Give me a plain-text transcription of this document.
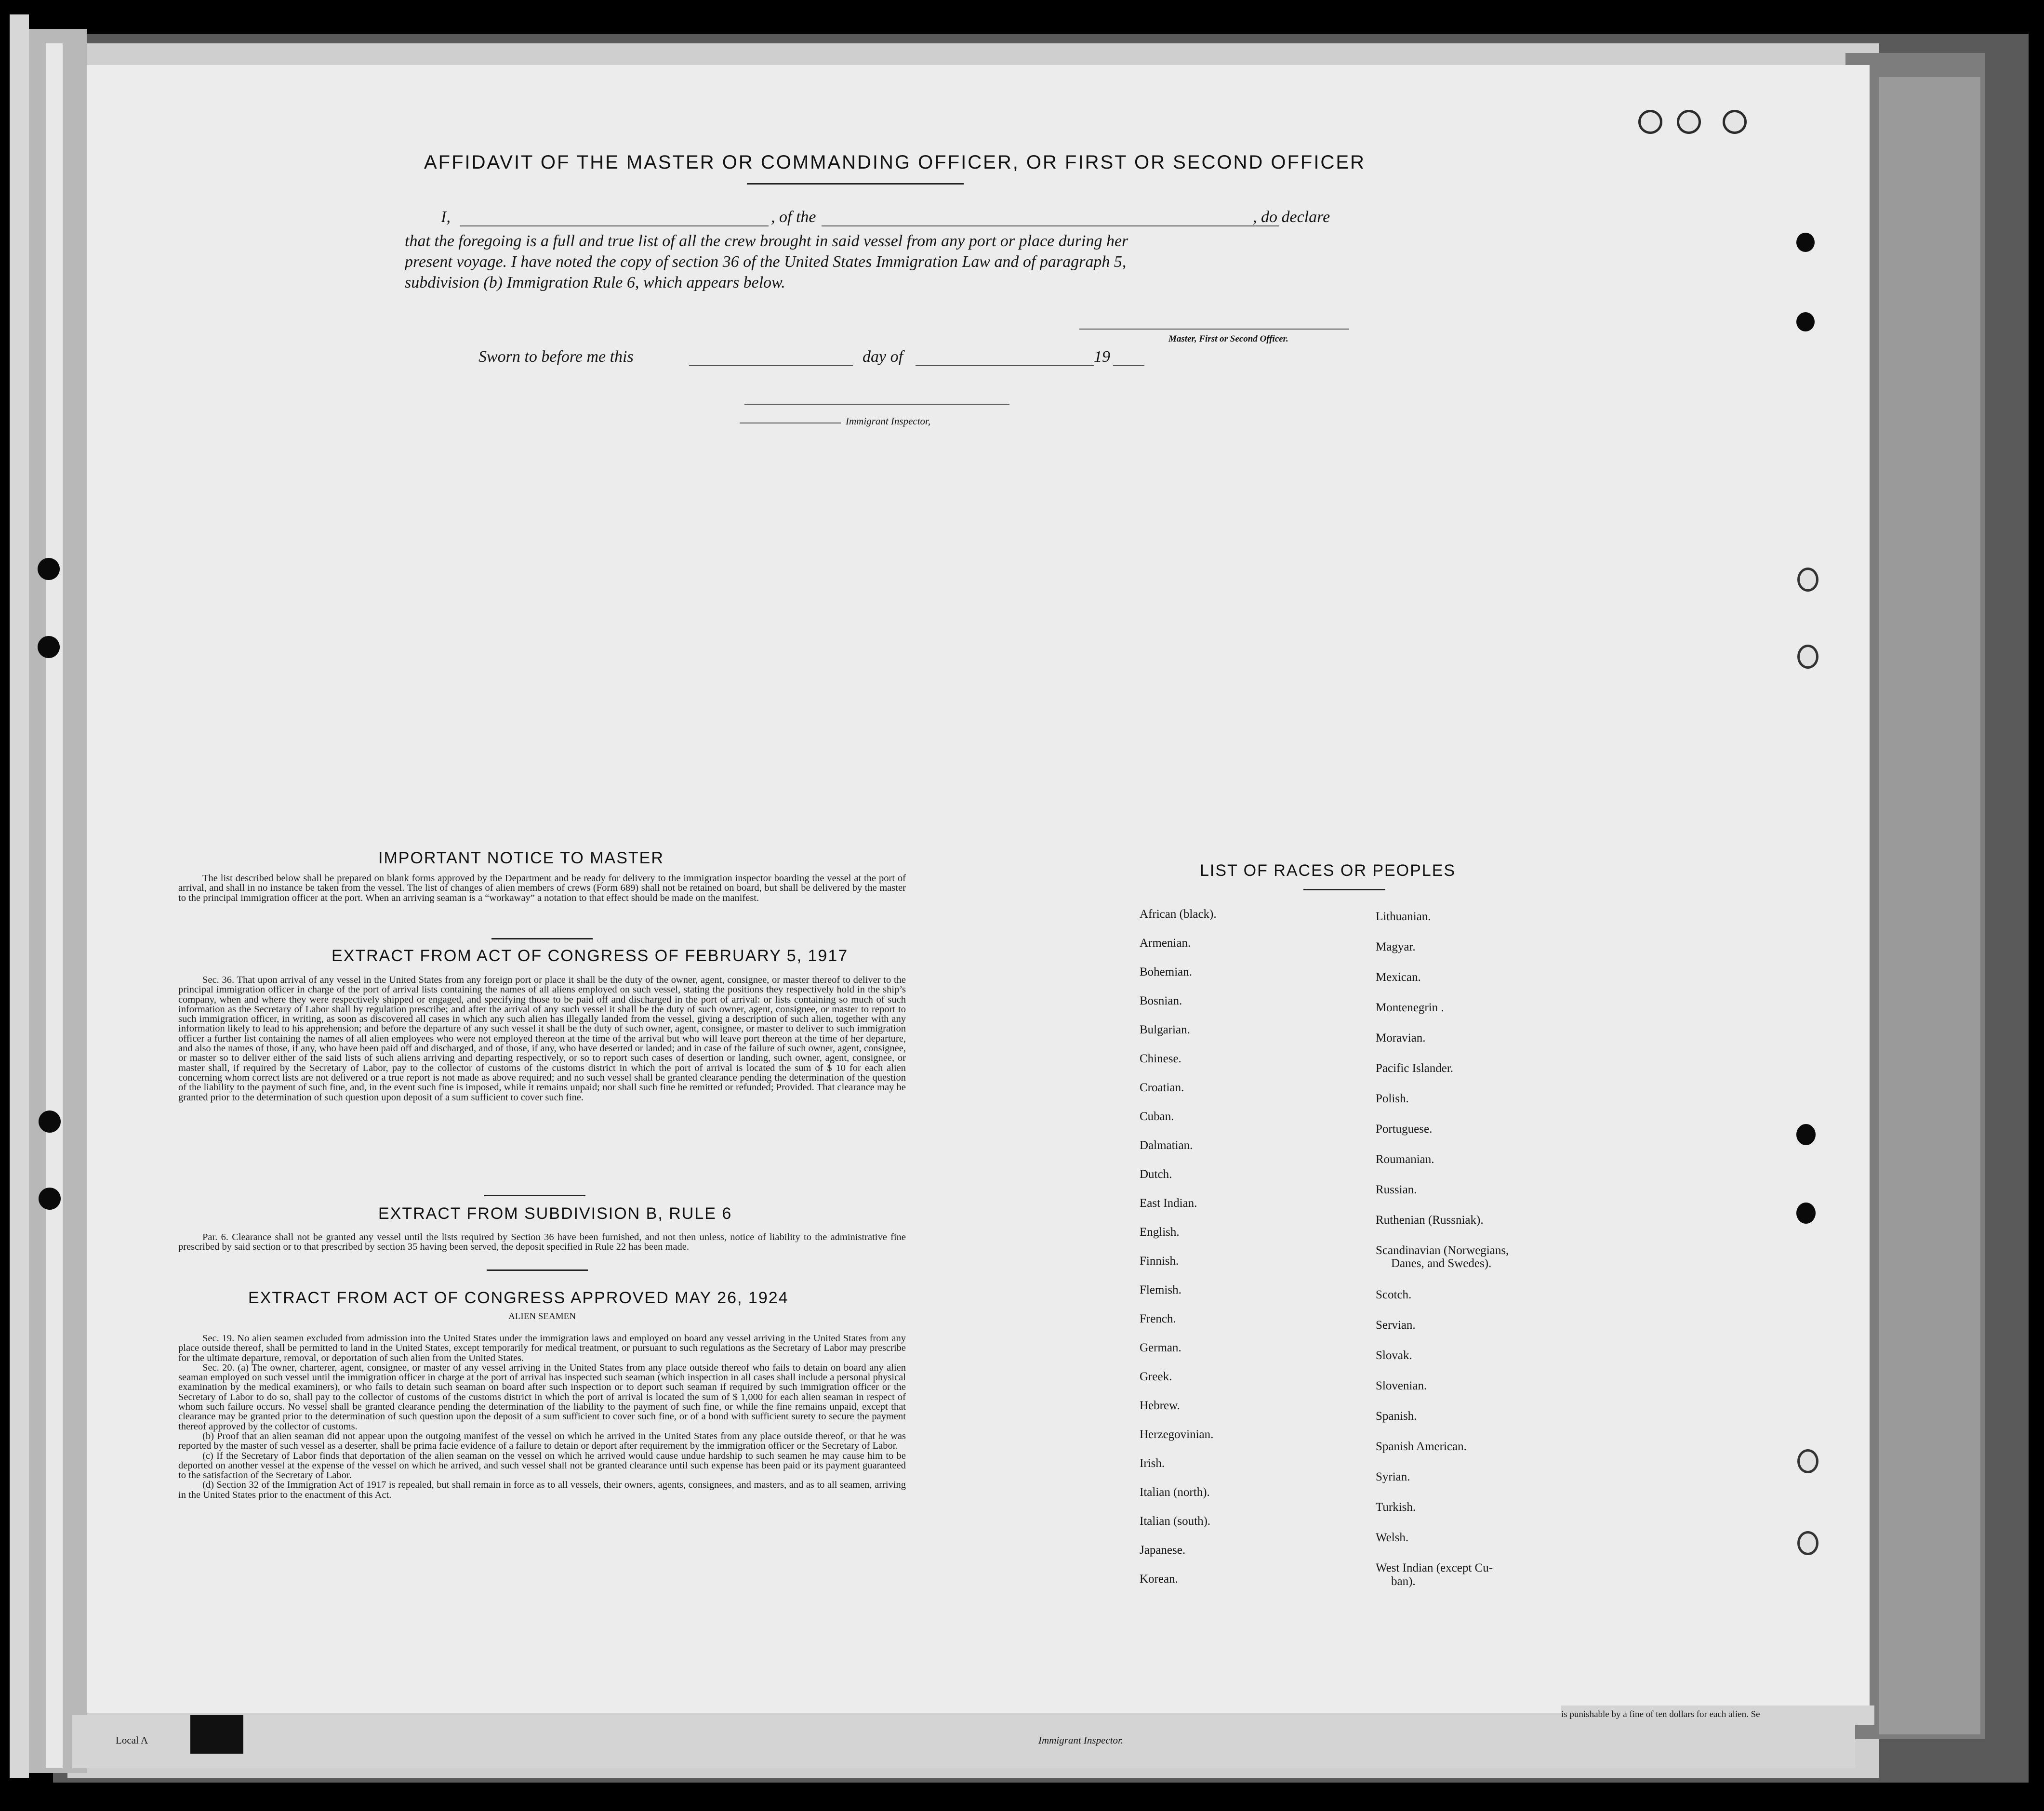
AFFIDAVIT OF THE MASTER OR COMMANDING OFFICER, OR FIRST OR SECOND OFFICER
I,	, of the	, do declare
that the foregoing is a full and true list of all the crew brought in said vessel from any port or place during her
present voyage. I have noted the copy of section 36 of the United States Immigration Law and of paragraph 5,
subdivision (b) Immigration Rule 6, which appears below.
Master, First or Second Officer.
Sworn to before me this	day of	19
Immigrant Inspector,
IMPORTANT NOTICE TO MASTER

The list described below shall be prepared on blank forms approved by the Department and be ready for delivery to the immigration inspector boarding the vessel at the port of arrival, and shall in no instance be taken from the vessel. The list of changes of alien members of crews (Form 689) shall not be retained on board, but shall be delivered by the master to the principal immigration officer at the port. When an arriving seaman is a “workaway” a notation to that effect should be made on the manifest.

EXTRACT FROM ACT OF CONGRESS OF FEBRUARY 5, 1917

Sec. 36. That upon arrival of any vessel in the United States from any foreign port or place it shall be the duty of the owner, agent, consignee, or master thereof to deliver to the principal immigration officer in charge of the port of arrival lists containing the names of all aliens employed on such vessel, stating the positions they respectively hold in the ship’s company, when and where they were respectively shipped or engaged, and specifying those to be paid off and discharged in the port of arrival: or lists containing so much of such information as the Secretary of Labor shall by regulation prescribe; and after the arrival of any such vessel it shall be the duty of such owner, agent, consignee, or master to report to such immigration officer, in writing, as soon as discovered all cases in which any such alien has illegally landed from the vessel, giving a description of such alien, together with any information likely to lead to his apprehension; and before the departure of any such vessel it shall be the duty of such owner, agent, consignee, or master to deliver to such immigration officer a further list containing the names of all alien employees who were not employed thereon at the time of the arrival but who will leave port thereon at the time of her departure, and also the names of those, if any, who have been paid off and discharged, and of those, if any, who have deserted or landed; and in case of the failure of such owner, agent, consignee, or master so to deliver either of the said lists of such aliens arriving and departing respectively, or so to report such cases of desertion or landing, such owner, agent, consignee, or master shall, if required by the Secretary of Labor, pay to the collector of customs of the customs district in which the port of arrival is located the sum of $ 10 for each alien concerning whom correct lists are not delivered or a true report is not made as above required; and no such vessel shall be granted clearance pending the determination of the question of the liability to the payment of such fine, and, in the event such fine is imposed, while it remains unpaid; nor shall such fine be remitted or refunded; Provided. That clearance may be granted prior to the determination of such question upon deposit of a sum sufficient to cover such fine.

EXTRACT FROM SUBDIVISION B, RULE 6

Par. 6. Clearance shall not be granted any vessel until the lists required by Section 36 have been furnished, and not then unless, notice of liability to the administrative fine prescribed by said section or to that prescribed by section 35 having been served, the deposit specified in Rule 22 has been made.

EXTRACT FROM ACT OF CONGRESS APPROVED MAY 26, 1924
ALIEN SEAMEN

Sec. 19. No alien seamen excluded from admission into the United States under the immigration laws and employed on board any vessel arriving in the United States from any place outside thereof, shall be permitted to land in the United States, except temporarily for medical treatment, or pursuant to such regulations as the Secretary of Labor may prescribe for the ultimate departure, removal, or deportation of such alien from the United States.

Sec. 20. (a) The owner, charterer, agent, consignee, or master of any vessel arriving in the United States from any place outside thereof who fails to detain on board any alien seaman employed on such vessel until the immigration officer in charge at the port of arrival has inspected such seaman (which inspection in all cases shall include a personal physical examination by the medical examiners), or who fails to detain such seaman on board after such inspection or to deport such seaman if required by such immigration officer or the Secretary of Labor to do so, shall pay to the collector of customs of the customs district in which the port of arrival is located the sum of $ 1,000 for each alien seaman in respect of whom such failure occurs. No vessel shall be granted clearance pending the determination of the liability to the payment of such fine, or while the fine remains unpaid, except that clearance may be granted prior to the determination of such question upon the deposit of a sum sufficient to cover such fine, or of a bond with sufficient surety to secure the payment thereof approved by the collector of customs.

(b) Proof that an alien seaman did not appear upon the outgoing manifest of the vessel on which he arrived in the United States from any place outside thereof, or that he was reported by the master of such vessel as a deserter, shall be prima facie evidence of a failure to detain or deport after requirement by the immigration officer or the Secretary of Labor.

(c) If the Secretary of Labor finds that deportation of the alien seaman on the vessel on which he arrived would cause undue hardship to such seamen he may cause him to be deported on another vessel at the expense of the vessel on which he arrived, and such vessel shall not be granted clearance until such expense has been paid or its payment guaranteed to the satisfaction of the Secretary of Labor.

(d) Section 32 of the Immigration Act of 1917 is repealed, but shall remain in force as to all vessels, their owners, agents, consignees, and masters, and as to all seamen, arriving in the United States prior to the enactment of this Act.

LIST OF RACES OR PEOPLES
African (black).
Armenian.
Bohemian.
Bosnian.
Bulgarian.
Chinese.
Croatian.
Cuban.
Dalmatian.
Dutch.
East Indian.
English.
Finnish.
Flemish.
French.
German.
Greek.
Hebrew.
Herzegovinian.
Irish.
Italian (north).
Italian (south).
Japanese.
Korean.
Lithuanian.
Magyar.
Mexican.
Montenegrin .
Moravian.
Pacific Islander.
Polish.
Portuguese.
Roumanian.
Russian.
Ruthenian (Russniak).
Scandinavian (Norwegians,
Danes, and Swedes).
Scotch.
Servian.
Slovak.
Slovenian.
Spanish.
Spanish American.
Syrian.
Turkish.
Welsh.
West Indian (except Cu-
ban).
Local A	Immigrant Inspector.
is punishable by a fine of ten dollars for each alien. Se
